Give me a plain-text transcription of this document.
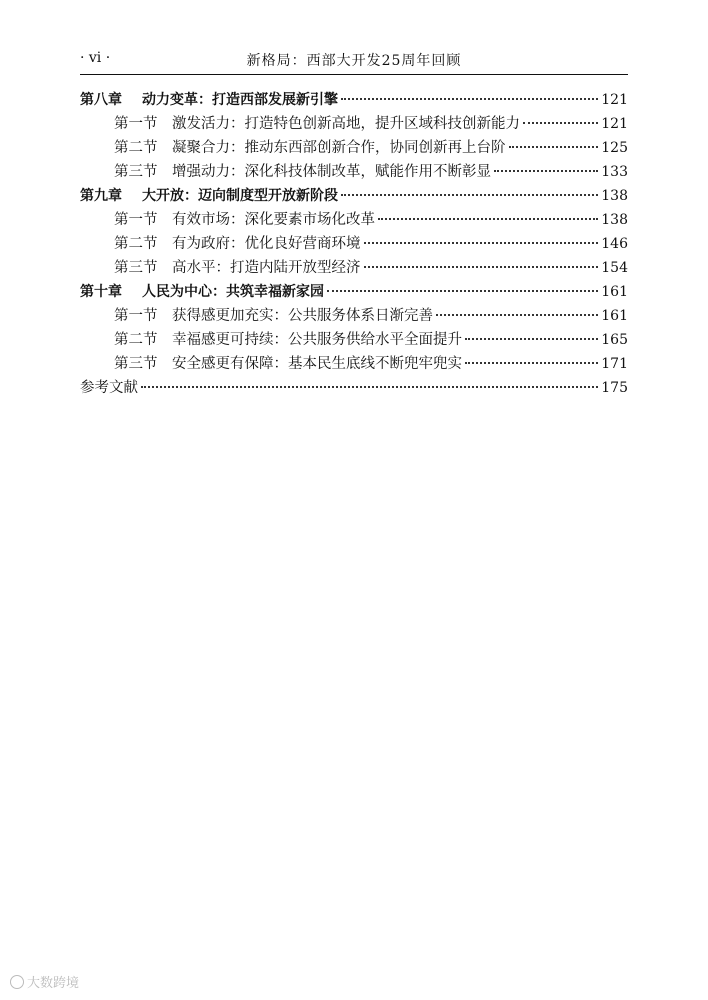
· vi ·	新格局：西部大开发25周年回顾
第八章	动力变革：打造西部发展新引擎	121
第一节	激发活力：打造特色创新高地，提升区域科技创新能力	121
第二节	凝聚合力：推动东西部创新合作，协同创新再上台阶	125
第三节	增强动力：深化科技体制改革，赋能作用不断彰显	133
第九章	大开放：迈向制度型开放新阶段	138
第一节	有效市场：深化要素市场化改革	138
第二节	有为政府：优化良好营商环境	146
第三节	高水平：打造内陆开放型经济	154
第十章	人民为中心：共筑幸福新家园	161
第一节	获得感更加充实：公共服务体系日渐完善	161
第二节	幸福感更可持续：公共服务供给水平全面提升	165
第三节	安全感更有保障：基本民生底线不断兜牢兜实	171
参考文献	175
大数跨境
